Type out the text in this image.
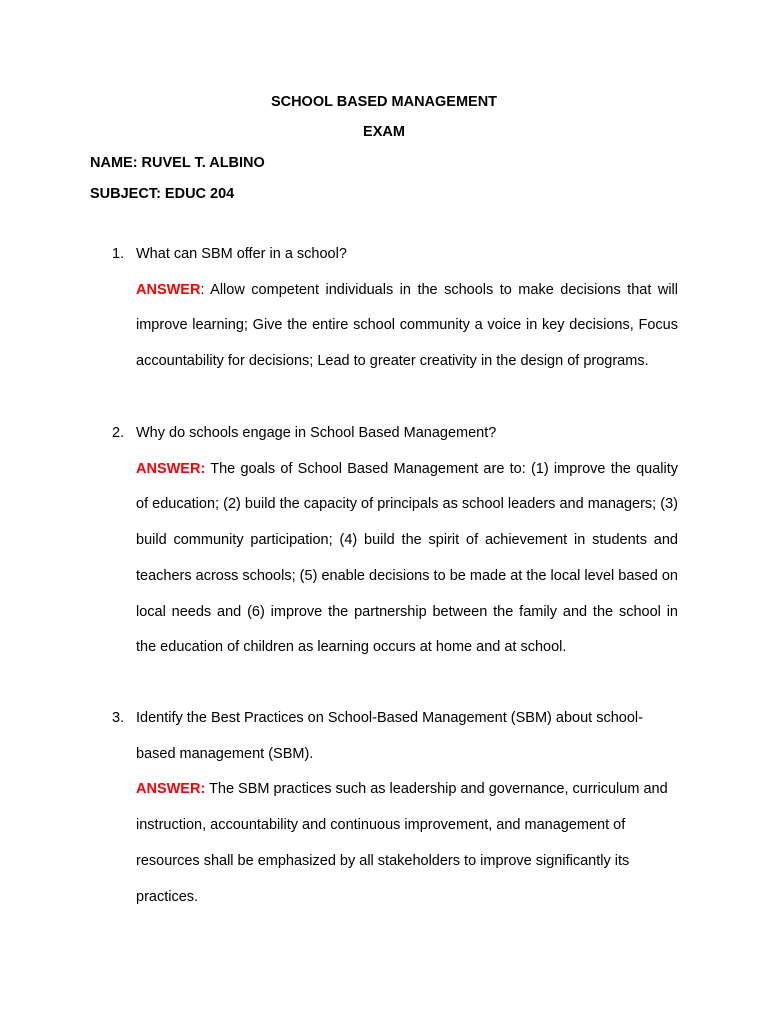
SCHOOL BASED MANAGEMENT
EXAM
NAME: RUVEL T. ALBINO
SUBJECT: EDUC 204
1. What can SBM offer in a school?
ANSWER: Allow competent individuals in the schools to make decisions that will improve learning; Give the entire school community a voice in key decisions, Focus accountability for decisions; Lead to greater creativity in the design of programs.
2. Why do schools engage in School Based Management?
ANSWER: The goals of School Based Management are to: (1) improve the quality of education; (2) build the capacity of principals as school leaders and managers; (3) build community participation; (4) build the spirit of achievement in students and teachers across schools; (5) enable decisions to be made at the local level based on local needs and (6) improve the partnership between the family and the school in the education of children as learning occurs at home and at school.
3. Identify the Best Practices on School-Based Management (SBM) about school-based management (SBM).
ANSWER: The SBM practices such as leadership and governance, curriculum and instruction, accountability and continuous improvement, and management of resources shall be emphasized by all stakeholders to improve significantly its practices.
